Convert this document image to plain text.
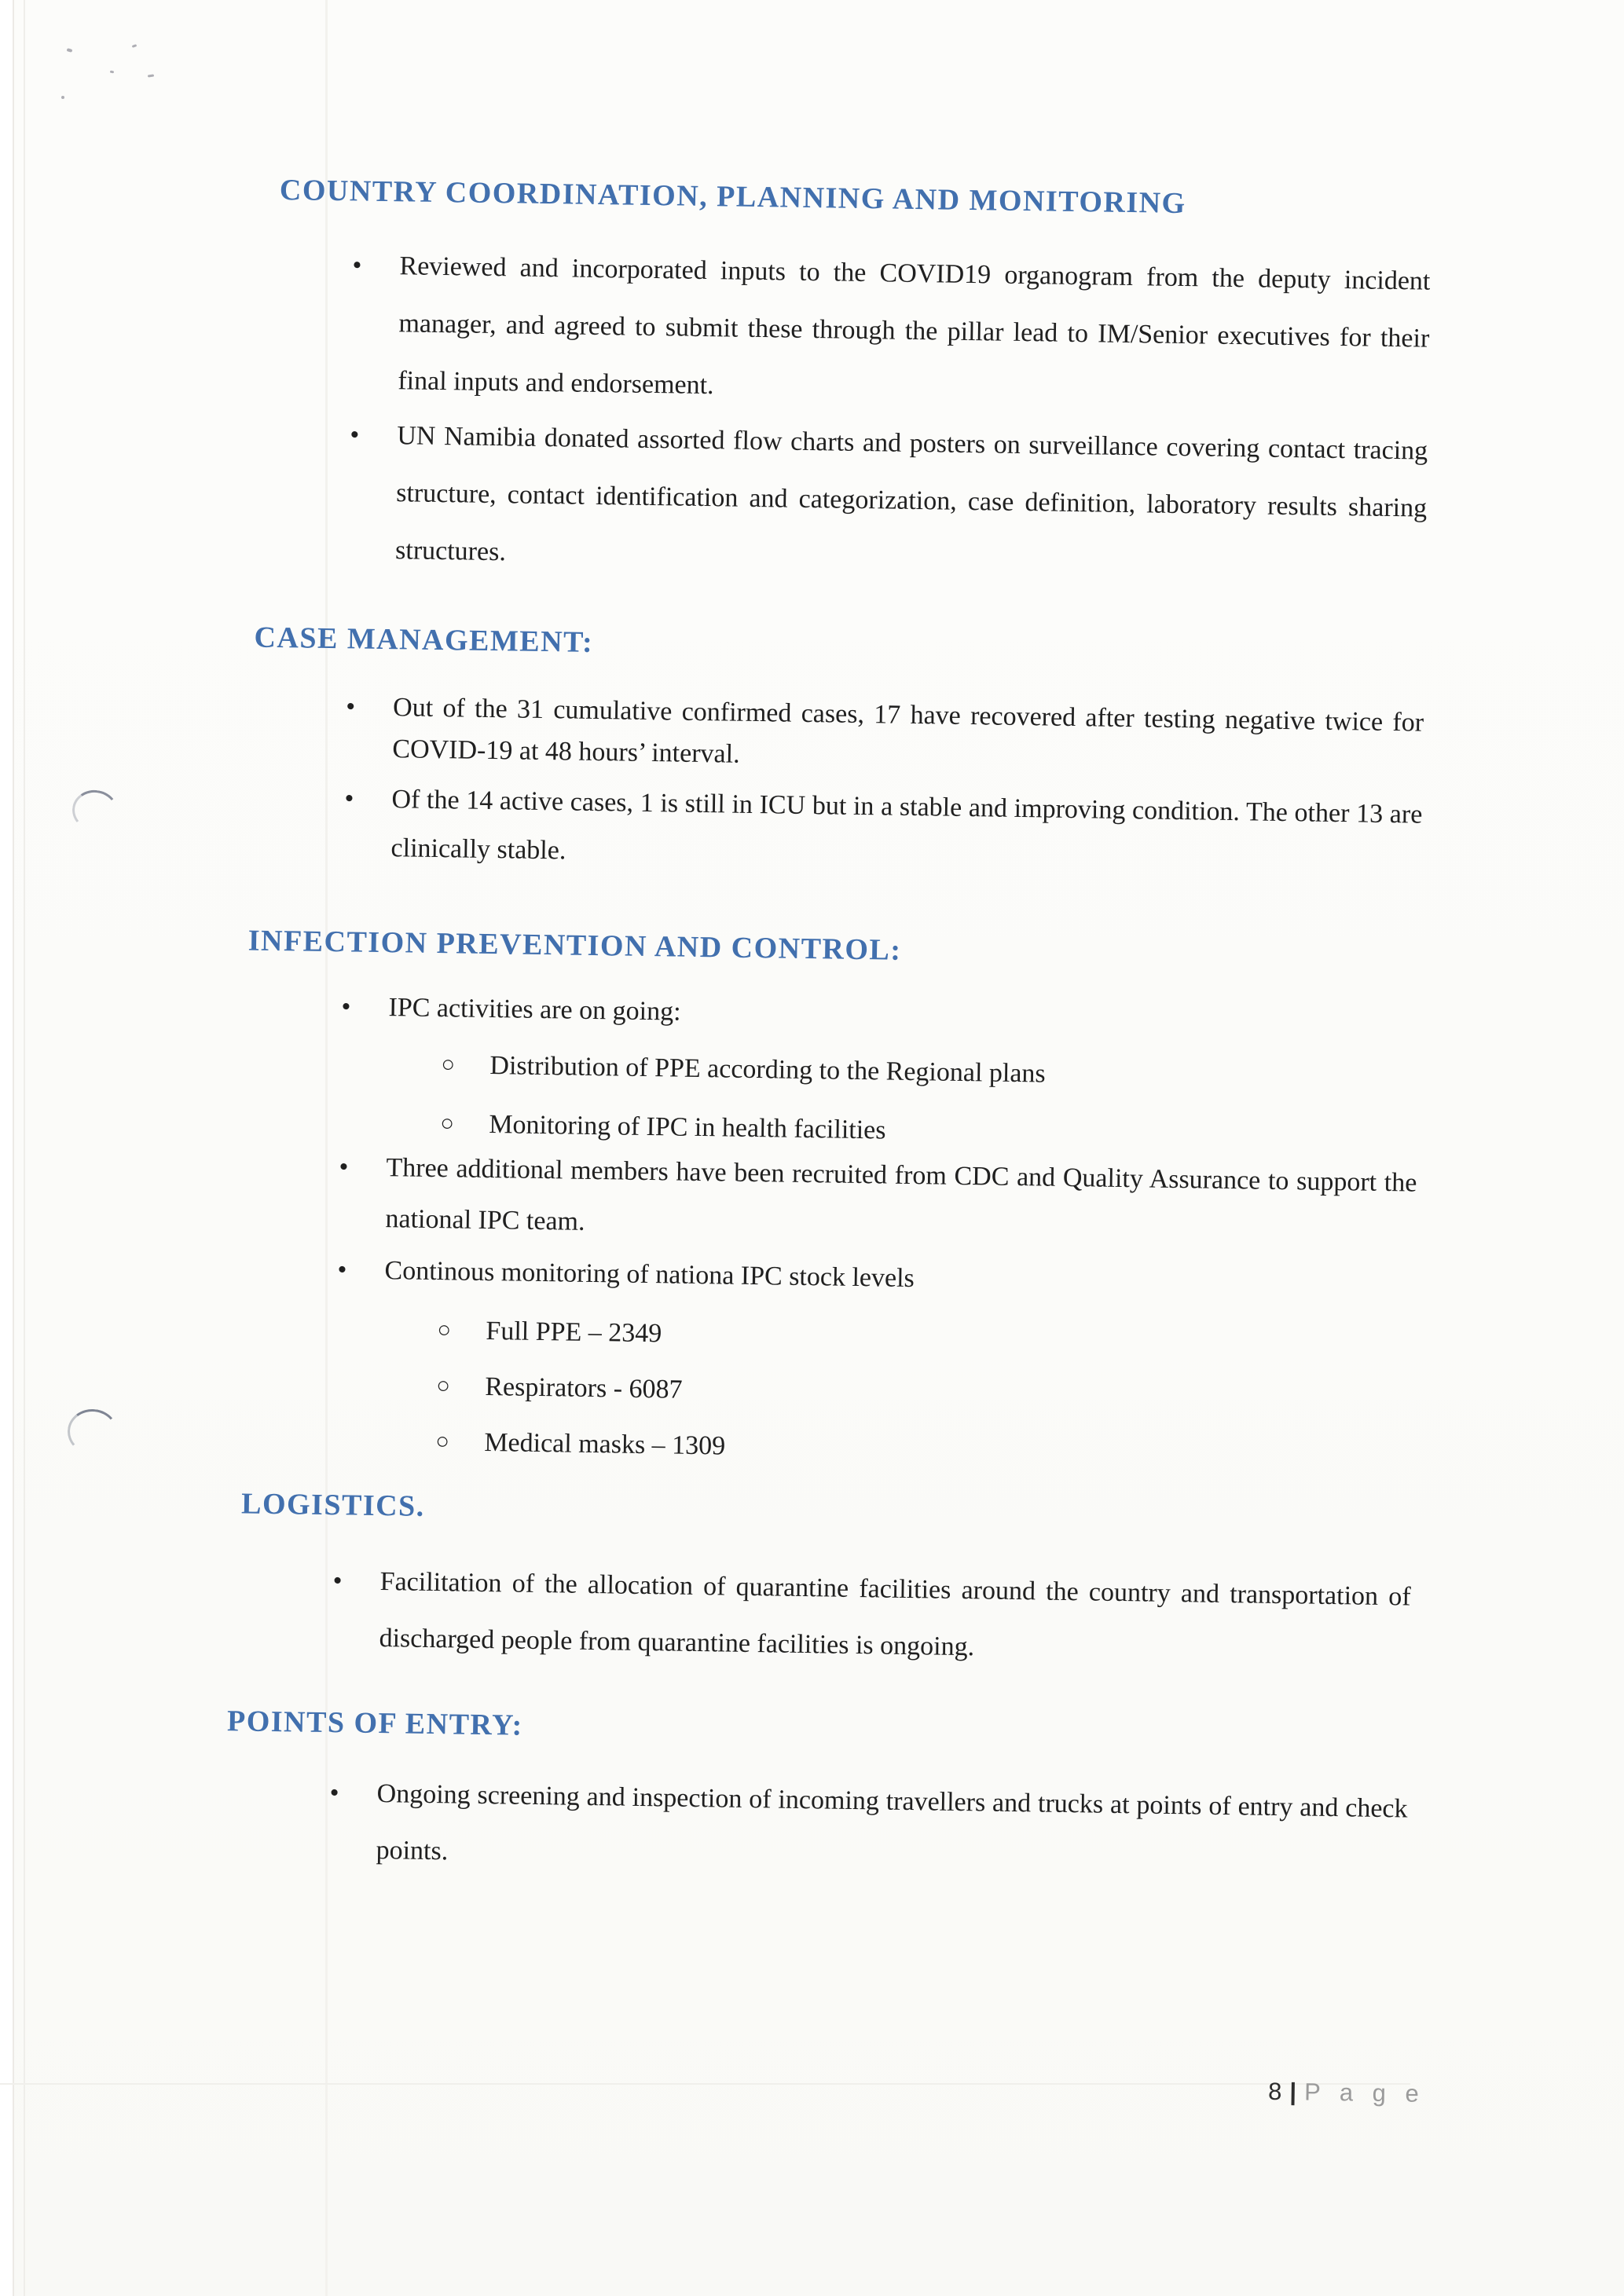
COUNTRY COORDINATION, PLANNING AND MONITORING
•	Reviewed and incorporated inputs to the COVID19 organogram from the deputy incident manager, and agreed to submit these through the pillar lead to IM/Senior executives for their final inputs and endorsement.
•	UN Namibia donated assorted flow charts and posters on surveillance covering contact tracing structure, contact identification and categorization, case definition, laboratory results sharing structures.
CASE MANAGEMENT:
•	Out of the 31 cumulative confirmed cases, 17 have recovered after testing negative twice for COVID-19 at 48 hours’ interval.
•	Of the 14 active cases, 1 is still in ICU but in a stable and improving condition. The other 13 are clinically stable.
INFECTION PREVENTION AND CONTROL:
•	IPC activities are on going:
○	Distribution of PPE according to the Regional plans
○	Monitoring of IPC in health facilities
•	Three additional members have been recruited from CDC and Quality Assurance to support the national IPC team.
•	Continous monitoring of nationa IPC stock levels
○	Full PPE – 2349
○	Respirators - 6087
○	Medical masks – 1309
LOGISTICS.
•	Facilitation of the allocation of quarantine facilities around the country and transportation of discharged people from quarantine facilities is ongoing.
POINTS OF ENTRY:
•	Ongoing screening and inspection of incoming travellers and trucks at points of entry and check points.
8 | P a g e
